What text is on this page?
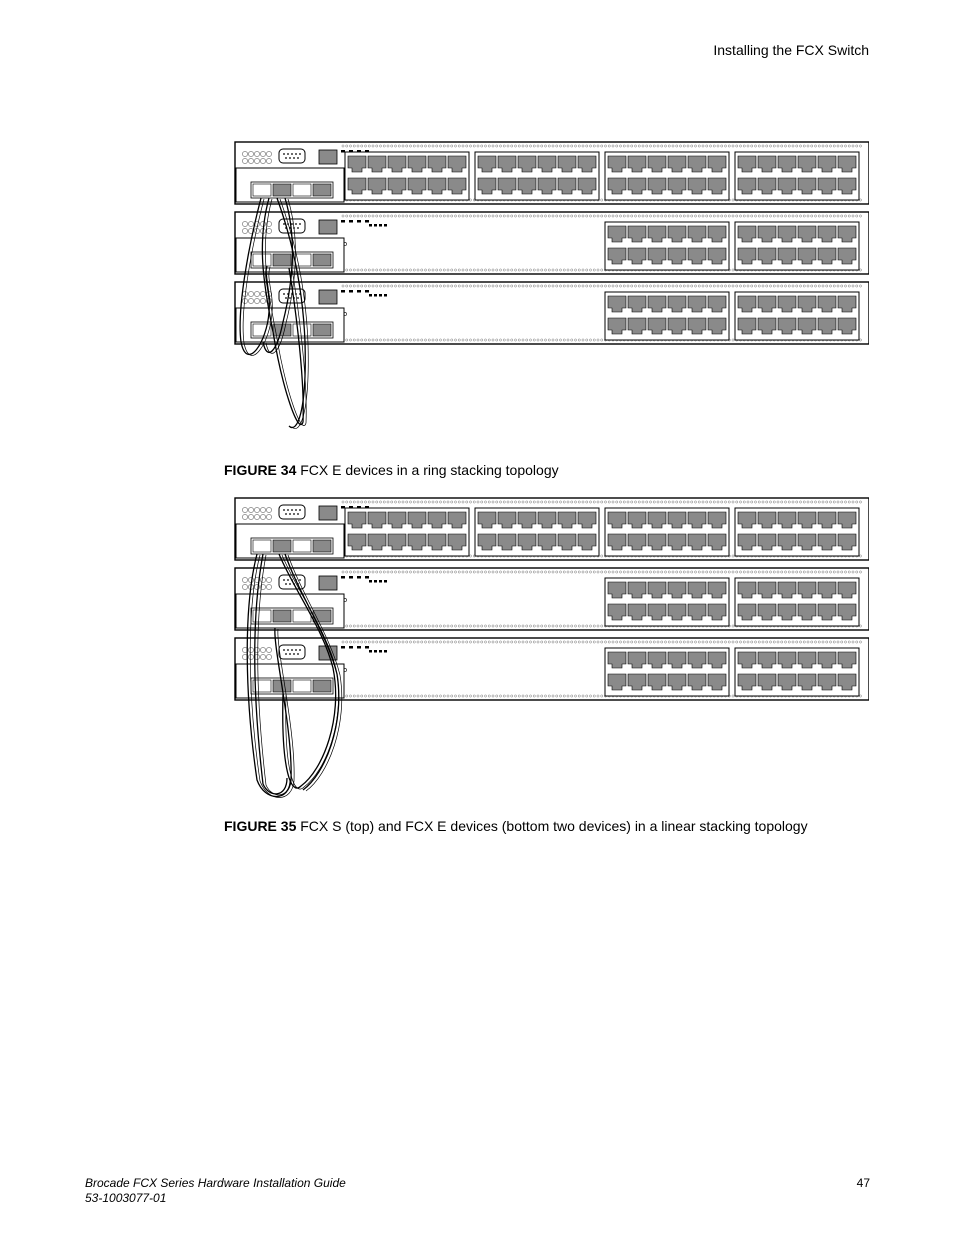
Installing the FCX Switch
FIGURE 34 FCX E devices in a ring stacking topology
FIGURE 35 FCX S (top) and FCX E devices (bottom two devices) in a linear stacking topology
Brocade FCX Series Hardware Installation Guide
53-1003077-01
47
